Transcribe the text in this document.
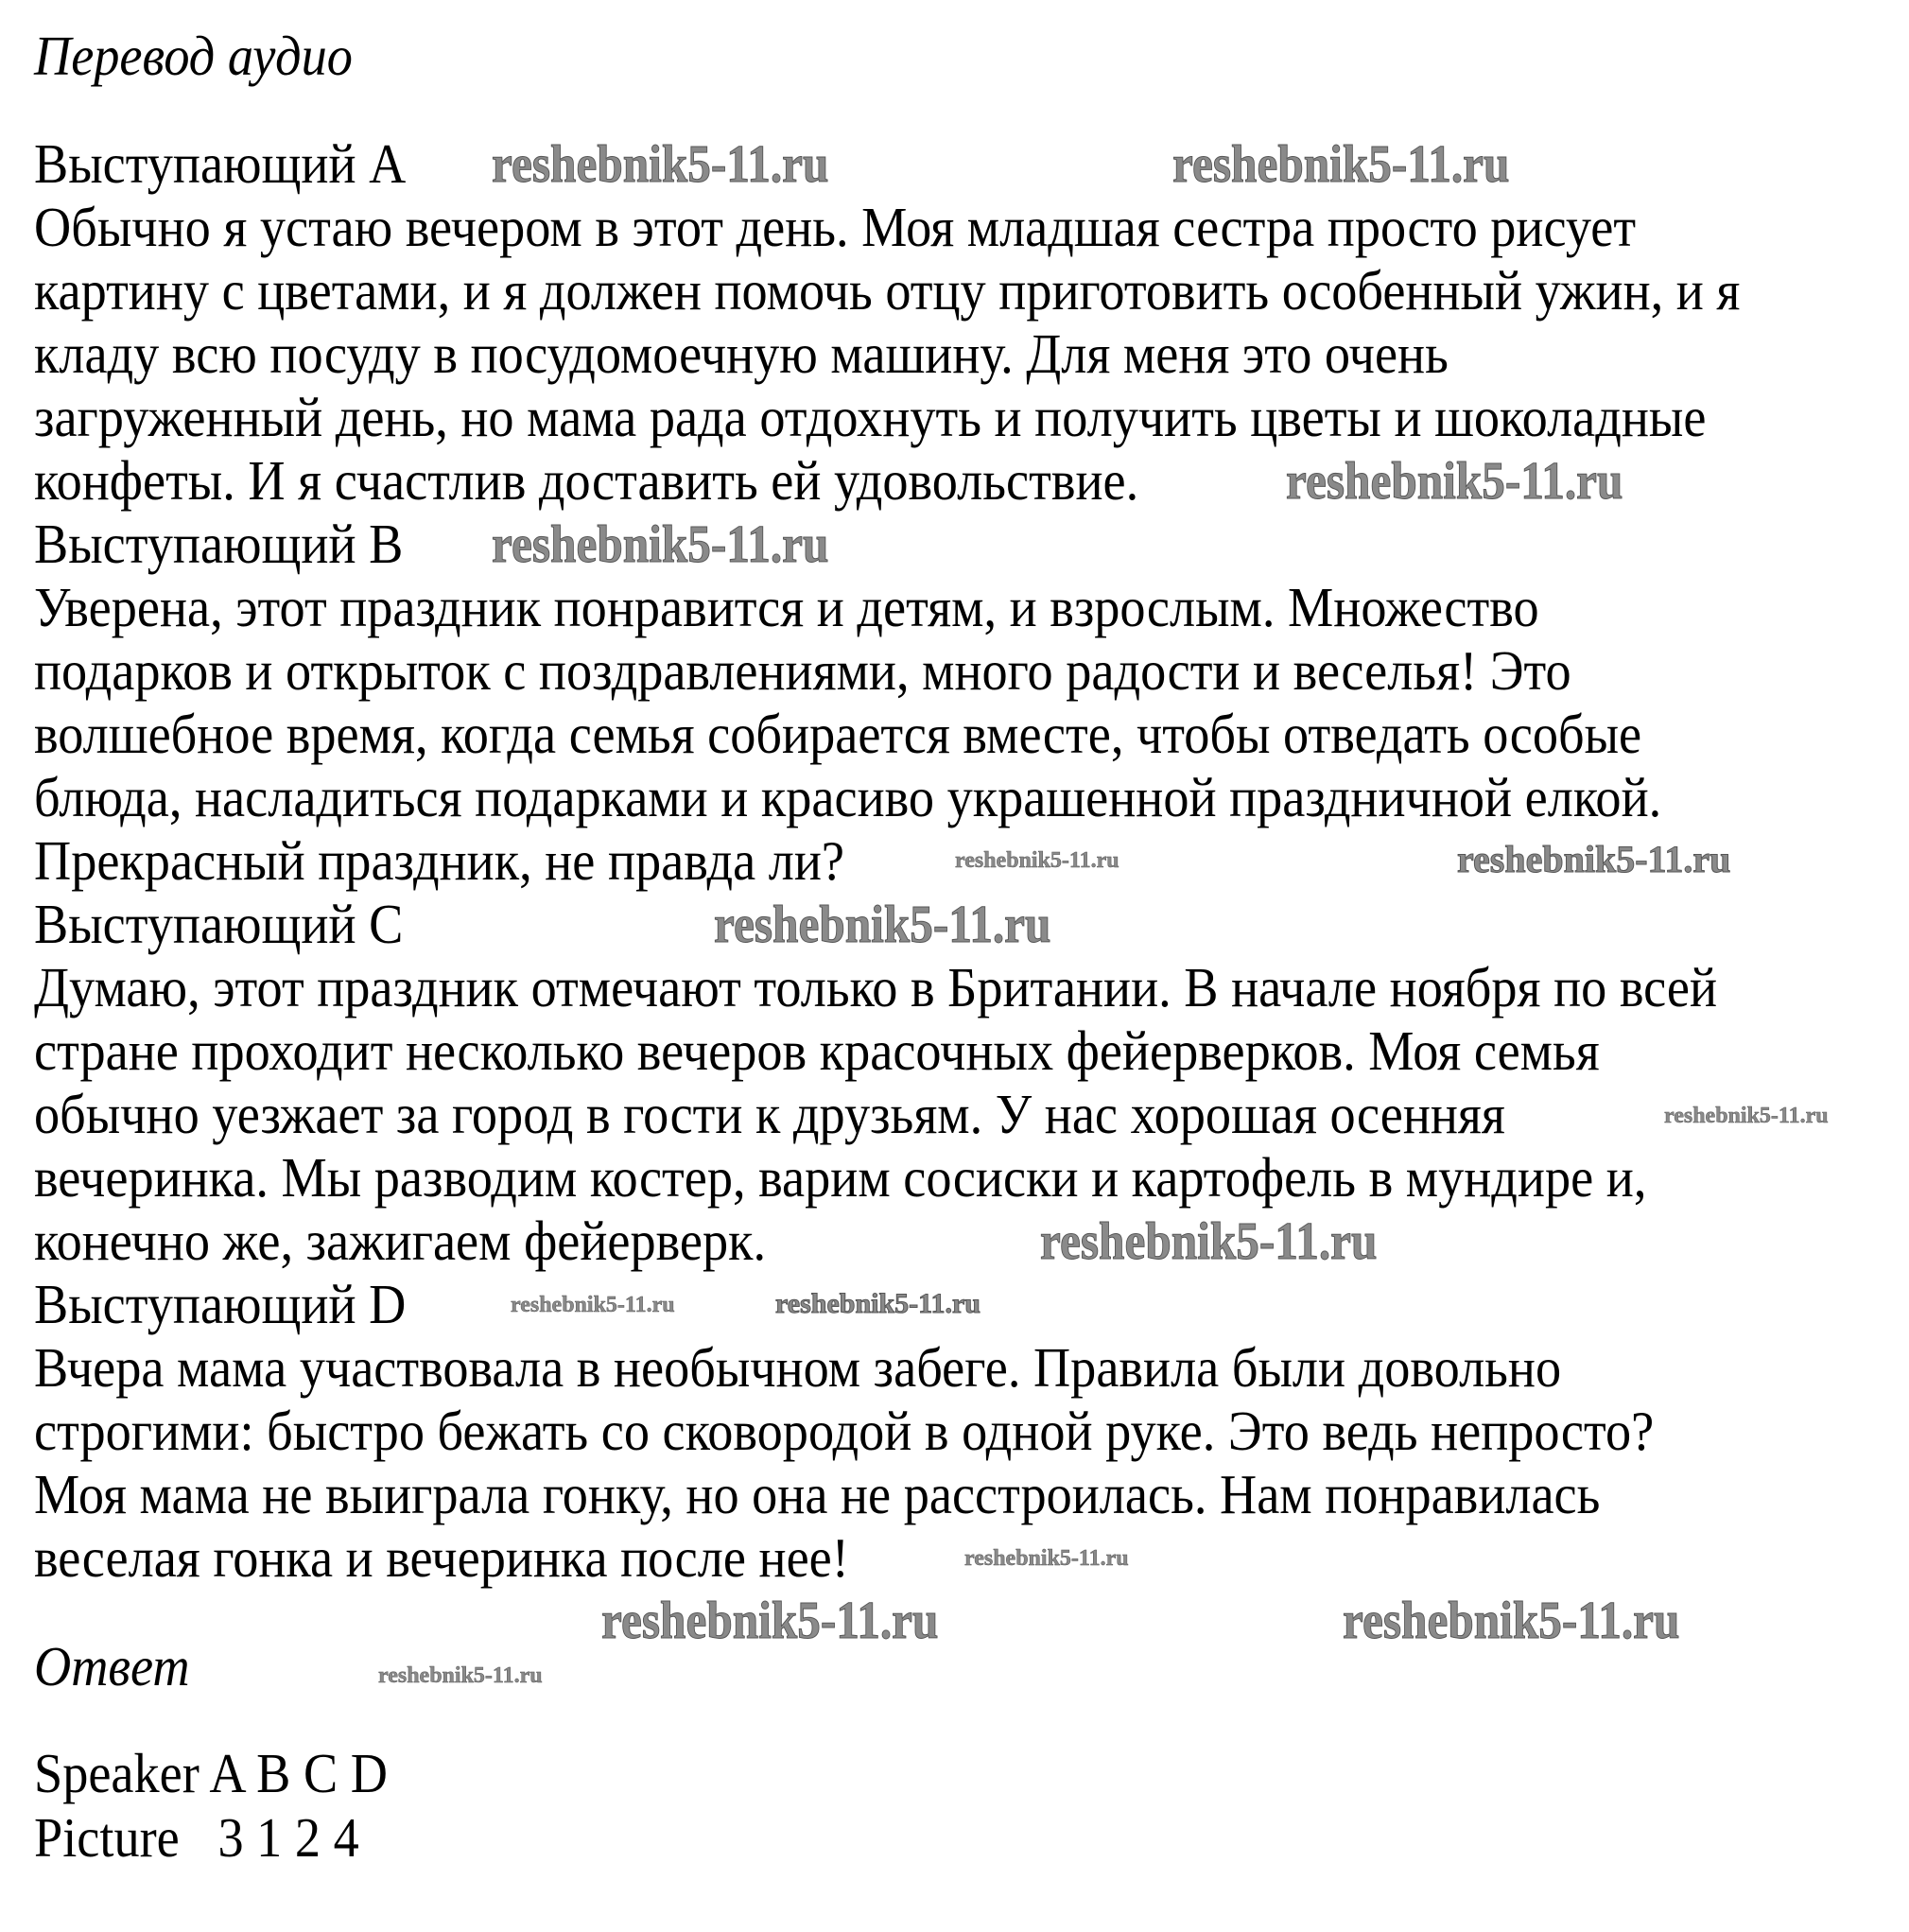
Перевод аудио
Выступающий A
Обычно я устаю вечером в этот день. Моя младшая сестра просто рисует
картину с цветами, и я должен помочь отцу приготовить особенный ужин, и я
кладу всю посуду в посудомоечную машину. Для меня это очень
загруженный день, но мама рада отдохнуть и получить цветы и шоколадные
конфеты. И я счастлив доставить ей удовольствие.
Выступающий B
Уверена, этот праздник понравится и детям, и взрослым. Множество
подарков и открыток с поздравлениями, много радости и веселья! Это
волшебное время, когда семья собирается вместе, чтобы отведать особые
блюда, насладиться подарками и красиво украшенной праздничной елкой.
Прекрасный праздник, не правда ли?
Выступающий C
Думаю, этот праздник отмечают только в Британии. В начале ноября по всей
стране проходит несколько вечеров красочных фейерверков. Моя семья
обычно уезжает за город в гости к друзьям. У нас хорошая осенняя
вечеринка. Мы разводим костер, варим сосиски и картофель в мундире и,
конечно же, зажигаем фейерверк.
Выступающий D
Вчера мама участвовала в необычном забеге. Правила были довольно
строгими: быстро бежать со сковородой в одной руке. Это ведь непросто?
Моя мама не выиграла гонку, но она не расстроилась. Нам понравилась
веселая гонка и вечеринка после нее!
Ответ
Speaker A B C D
Picture   3 1 2 4
reshebnik5-11.ru	reshebnik5-11.ru
reshebnik5-11.ru
reshebnik5-11.ru
reshebnik5-11.ru
reshebnik5-11.ru
reshebnik5-11.ru
reshebnik5-11.ru
reshebnik5-11.ru
reshebnik5-11.ru	reshebnik5-11.ru
reshebnik5-11.ru
reshebnik5-11.ru	reshebnik5-11.ru
reshebnik5-11.ru
